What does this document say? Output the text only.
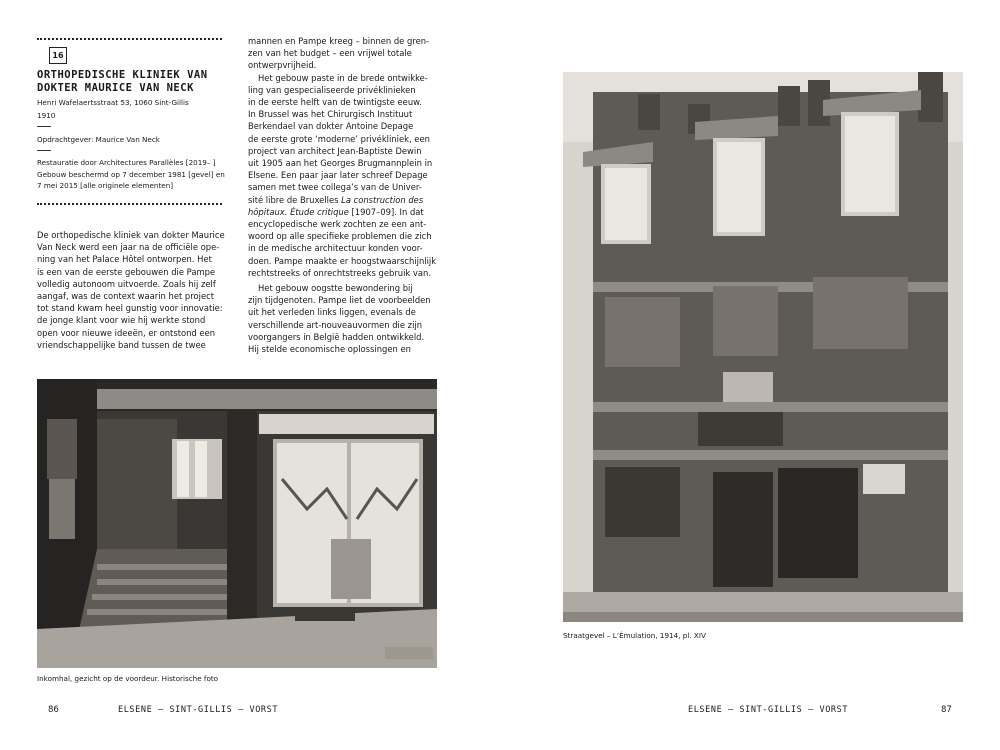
16
ORTHOPEDISCHE KLINIEK VAN
DOKTER MAURICE VAN NECK
Henri Wafelaertsstraat 53, 1060 Sint-Gillis
1910
Opdrachtgever: Maurice Van Neck
Restauratie door Architectures Parallèles [2019– ]
Gebouw beschermd op 7 december 1981 [gevel] en
7 mei 2015 [alle originele elementen]

De orthopedische kliniek van dokter Maurice

Van Neck werd een jaar na de officiële ope-

ning van het Palace Hôtel ontworpen. Het

is een van de eerste gebouwen die Pampe

volledig autonoom uitvoerde. Zoals hij zelf

aangaf, was de context waarin het project

tot stand kwam heel gunstig voor innovatie:

de jonge klant voor wie hij werkte stond

open voor nieuwe ideeën, er ontstond een

vriendschappelijke band tussen de twee

mannen en Pampe kreeg – binnen de gren-

zen van het budget – een vrijwel totale

ontwerpvrijheid.

Het gebouw paste in de brede ontwikke-

ling van gespecialiseerde privéklinieken

in de eerste helft van de twintigste eeuw.

In Brussel was het Chirurgisch Instituut

Berkendael van dokter Antoine Depage

de eerste grote ‘moderne’ privékliniek, een

project van architect Jean-Baptiste Dewin

uit 1905 aan het Georges Brugmannplein in

Elsene. Een paar jaar later schreef Depage

samen met twee collega’s van de Univer-

sité libre de Bruxelles La construction des

hôpitaux. Étude critique [1907–09]. In dat

encyclopedische werk zochten ze een ant-

woord op alle specifieke problemen die zich

in de medische architectuur konden voor-

doen. Pampe maakte er hoogstwaarschijnlijk

rechtstreeks of onrechtstreeks gebruik van.

Het gebouw oogstte bewondering bij

zijn tijdgenoten. Pampe liet de voorbeelden

uit het verleden links liggen, evenals de

verschillende art-nouveauvormen die zijn

voorgangers in België hadden ontwikkeld.

Hij stelde economische oplossingen en

Inkomhal, gezicht op de voordeur. Historische foto
86	ELSENE – SINT-GILLIS – VORST
Straatgevel – L’Émulation, 1914, pl. XIV
ELSENE – SINT-GILLIS – VORST	87
